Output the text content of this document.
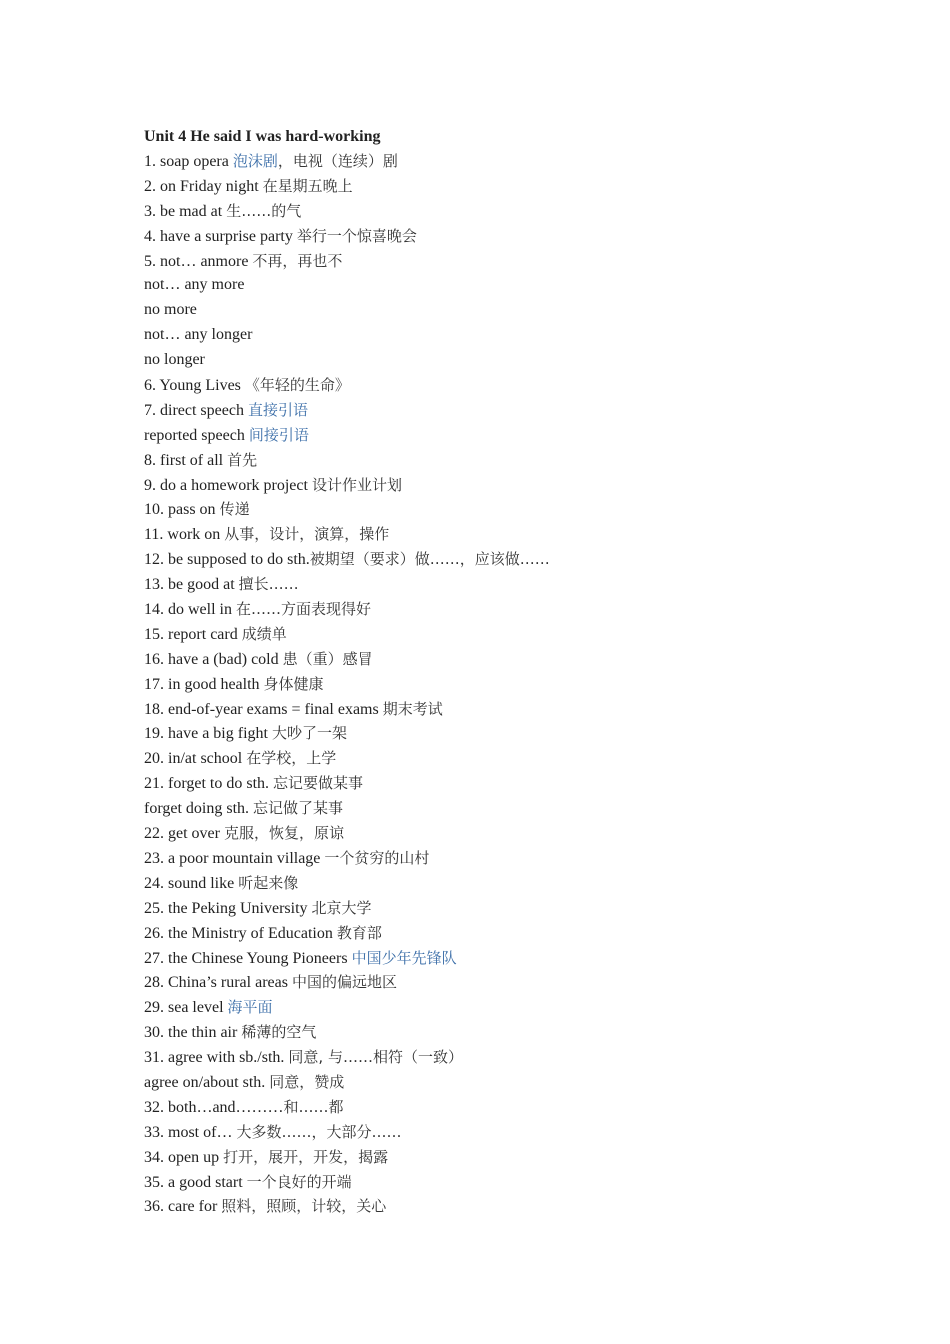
Unit 4 He said I was hard-working
1. soap opera 泡沫剧，电视（连续）剧
2. on Friday night 在星期五晚上
3. be mad at 生……的气
4. have a surprise party 举行一个惊喜晚会
5. not… anmore 不再，再也不
not… any more
no more
not… any longer
no longer
6. Young Lives 《年轻的生命》
7. direct speech 直接引语
reported speech 间接引语
8. first of all 首先
9. do a homework project 设计作业计划
10. pass on 传递
11. work on 从事，设计，演算，操作
12. be supposed to do sth.被期望（要求）做……，应该做……
13. be good at 擅长……
14. do well in 在……方面表现得好
15. report card 成绩单
16. have a (bad) cold 患（重）感冒
17. in good health 身体健康
18. end-of-year exams = final exams 期末考试
19. have a big fight 大吵了一架
20. in/at school 在学校，上学
21. forget to do sth. 忘记要做某事
forget doing sth. 忘记做了某事
22. get over 克服，恢复，原谅
23. a poor mountain village 一个贫穷的山村
24. sound like 听起来像
25. the Peking University 北京大学
26. the Ministry of Education 教育部
27. the Chinese Young Pioneers 中国少年先锋队
28. China’s rural areas 中国的偏远地区
29. sea level 海平面
30. the thin air 稀薄的空气
31. agree with sb./sth. 同意, 与……相符（一致）
agree on/about sth. 同意，赞成
32. both…and………和……都
33. most of… 大多数……，大部分……
34. open up 打开，展开，开发，揭露
35. a good start 一个良好的开端
36. care for 照料，照顾，计较，关心
